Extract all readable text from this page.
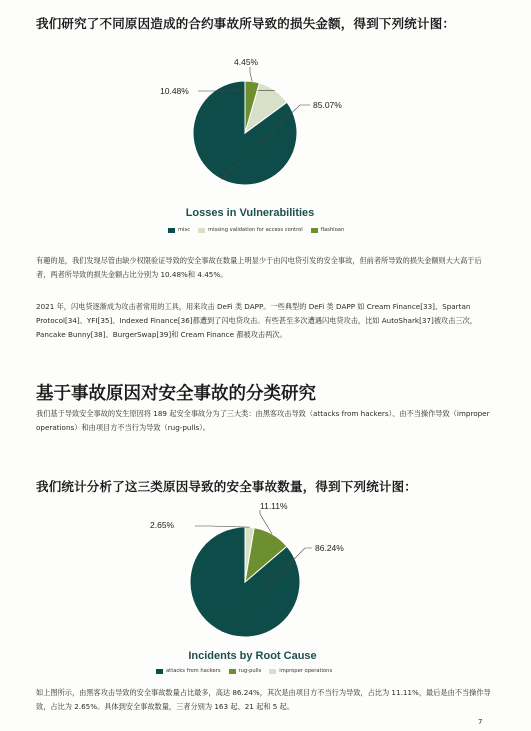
我们研究了不同原因造成的合约事故所导致的损失金额，得到下列统计图：
85.07%
10.48%
4.45%
Losses in Vulnerabilities
misc	missing validation for access control	flashloan
有趣的是，我们发现尽管由缺少权限验证导致的安全事故在数量上明显少于由闪电贷引发的安全事故，但前者所导致的损失金额则大大高于后者，两者所导致的损失金额占比分别为 10.48%和 4.45%。
2021 年，闪电贷逐渐成为攻击者常用的工具，用来攻击 DeFi 类 DAPP。一些典型的 DeFi 类 DAPP 如 Cream Finance[33]、Spartan Protocol[34]、YFI[35]、Indexed Finance[36]都遭到了闪电贷攻击。有些甚至多次遭遇闪电贷攻击，比如 AutoShark[37]被攻击三次，Pancake Bunny[38]、BurgerSwap[39]和 Cream Finance 都被攻击两次。
基于事故原因对安全事故的分类研究
我们基于导致安全事故的发生原因将 189 起安全事故分为了三大类：由黑客攻击导致（attacks from hackers）、由不当操作导致（improper operations）和由项目方不当行为导致（rug-pulls）。
我们统计分析了这三类原因导致的安全事故数量，得到下列统计图：
86.24%
11.11%
2.65%
Incidents by Root Cause
attacks from hackers	rug-pulls	improper operations
如上图所示，由黑客攻击导致的安全事故数量占比最多，高达 86.24%，其次是由项目方不当行为导致，占比为 11.11%，最后是由不当操作导致，占比为 2.65%。具体到安全事故数量，三者分别为 163 起、21 起和 5 起。
7
